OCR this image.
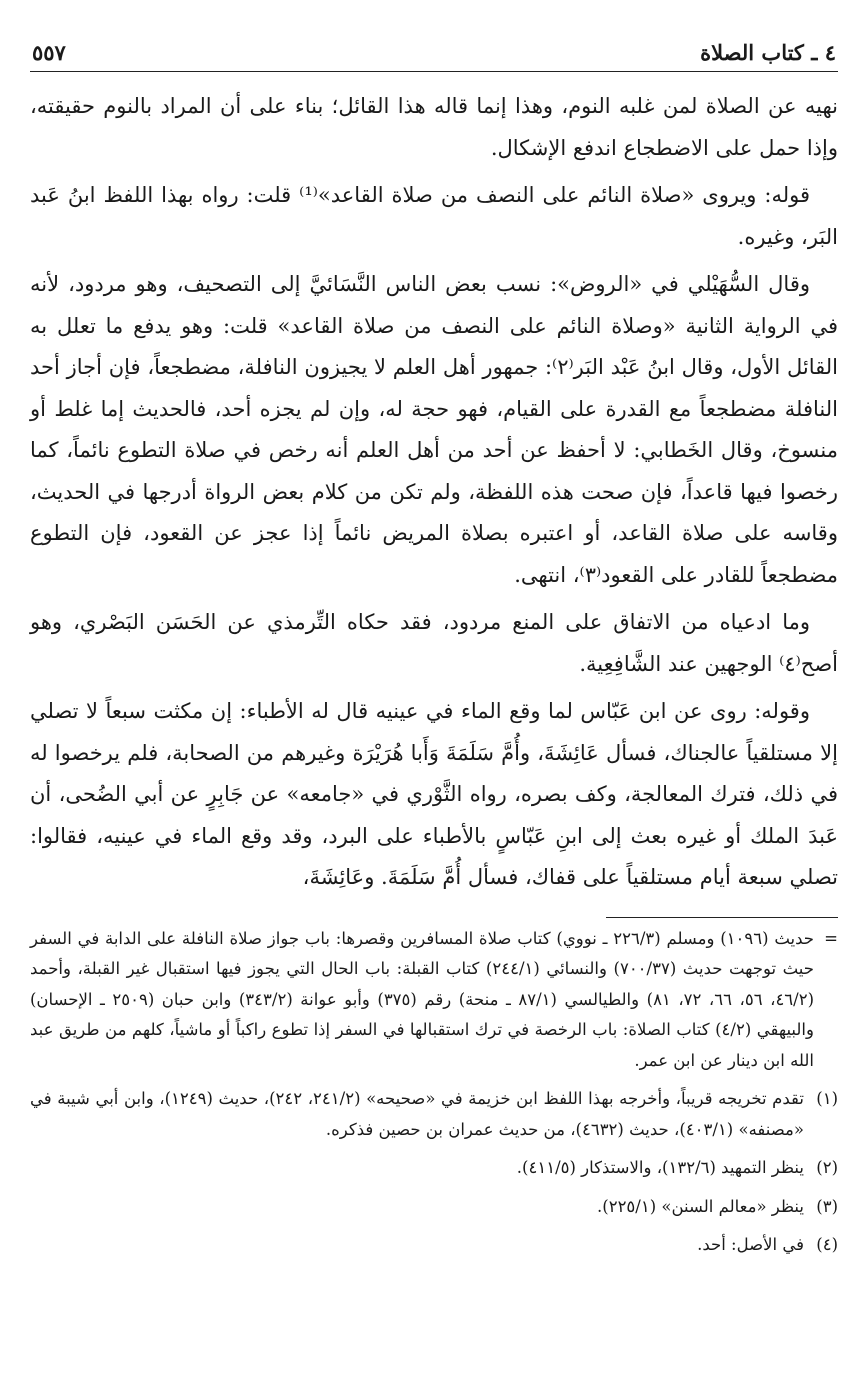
٤ ـ كتاب الصلاة
٥٥٧

نهيه عن الصلاة لمن غلبه النوم، وهذا إنما قاله هذا القائل؛ بناء على أن المراد بالنوم حقيقته، وإذا حمل على الاضطجاع اندفع الإشكال.

قوله: ويروى «صلاة النائم على النصف من صلاة القاعد»⁽¹⁾ قلت: رواه بهذا اللفظ ابنُ عَبد البَر، وغيره.

وقال السُّهَيْلي في «الروض»: نسب بعض الناس النَّسَائيَّ إلى التصحيف، وهو مردود، لأنه في الرواية الثانية «وصلاة النائم على النصف من صلاة القاعد» قلت: وهو يدفع ما تعلل به القائل الأول، وقال ابنُ عَبْد البَر⁽٢⁾: جمهور أهل العلم لا يجيزون النافلة، مضطجعاً، فإن أجاز أحد النافلة مضطجعاً مع القدرة على القيام، فهو حجة له، وإن لم يجزه أحد، فالحديث إما غلط أو منسوخ، وقال الخَطابي: لا أحفظ عن أحد من أهل العلم أنه رخص في صلاة التطوع نائماً، كما رخصوا فيها قاعداً، فإن صحت هذه اللفظة، ولم تكن من كلام بعض الرواة أدرجها في الحديث، وقاسه على صلاة القاعد، أو اعتبره بصلاة المريض نائماً إذا عجز عن القعود، فإن التطوع مضطجعاً للقادر على القعود⁽٣⁾، انتهى.

وما ادعياه من الاتفاق على المنع مردود، فقد حكاه التِّرمذي عن الحَسَن البَصْري، وهو أصح⁽٤⁾ الوجهين عند الشَّافِعِية.

وقوله: روى عن ابن عَبّاس لما وقع الماء في عينيه قال له الأطباء: إن مكثت سبعاً لا تصلي إلا مستلقياً عالجناك، فسأل عَائِشَةَ، وأُمَّ سَلَمَةَ وَأَبا هُرَيْرَة وغيرهم من الصحابة، فلم يرخصوا له في ذلك، فترك المعالجة، وكف بصره، رواه الثَّوْري في «جامعه» عن جَابِرٍ عن أبي الضُحى، أن عَبدَ الملك أو غيره بعث إلى ابنِ عَبّاسٍ بالأطباء على البرد، وقد وقع الماء في عينيه، فقالوا: تصلي سبعة أيام مستلقياً على قفاك، فسأل أُمَّ سَلَمَةَ. وعَائِشَةَ،

=
حديث (١٠٩٦) ومسلم (٢٢٦/٣ ـ نووي) كتاب صلاة المسافرين وقصرها: باب جواز صلاة النافلة على الدابة في السفر حيث توجهت حديث (٧٠٠/٣٧) والنسائي (٢٤٤/١) كتاب القبلة: باب الحال التي يجوز فيها استقبال غير القبلة، وأحمد (٤٦/٢، ٥٦، ٦٦، ٧٢، ٨١) والطيالسي (٨٧/١ ـ منحة) رقم (٣٧٥) وأبو عوانة (٣٤٣/٢) وابن حبان (٢٥٠٩ ـ الإحسان) والبيهقي (٤/٢) كتاب الصلاة: باب الرخصة في ترك استقبالها في السفر إذا تطوع راكباً أو ماشياً، كلهم من طريق عبد الله ابن دينار عن ابن عمر.
(١)
تقدم تخريجه قريباً، وأخرجه بهذا اللفظ ابن خزيمة في «صحيحه» (٢٤١/٢، ٢٤٢)، حديث (١٢٤٩)، وابن أبي شيبة في «مصنفه» (٤٠٣/١)، حديث (٤٦٣٢)، من حديث عمران بن حصين فذكره.
(٢)
ينظر التمهيد (١٣٢/٦)، والاستذكار (٤١١/٥).
(٣)
ينظر «معالم السنن» (٢٢٥/١).
(٤)
في الأصل: أحد.
